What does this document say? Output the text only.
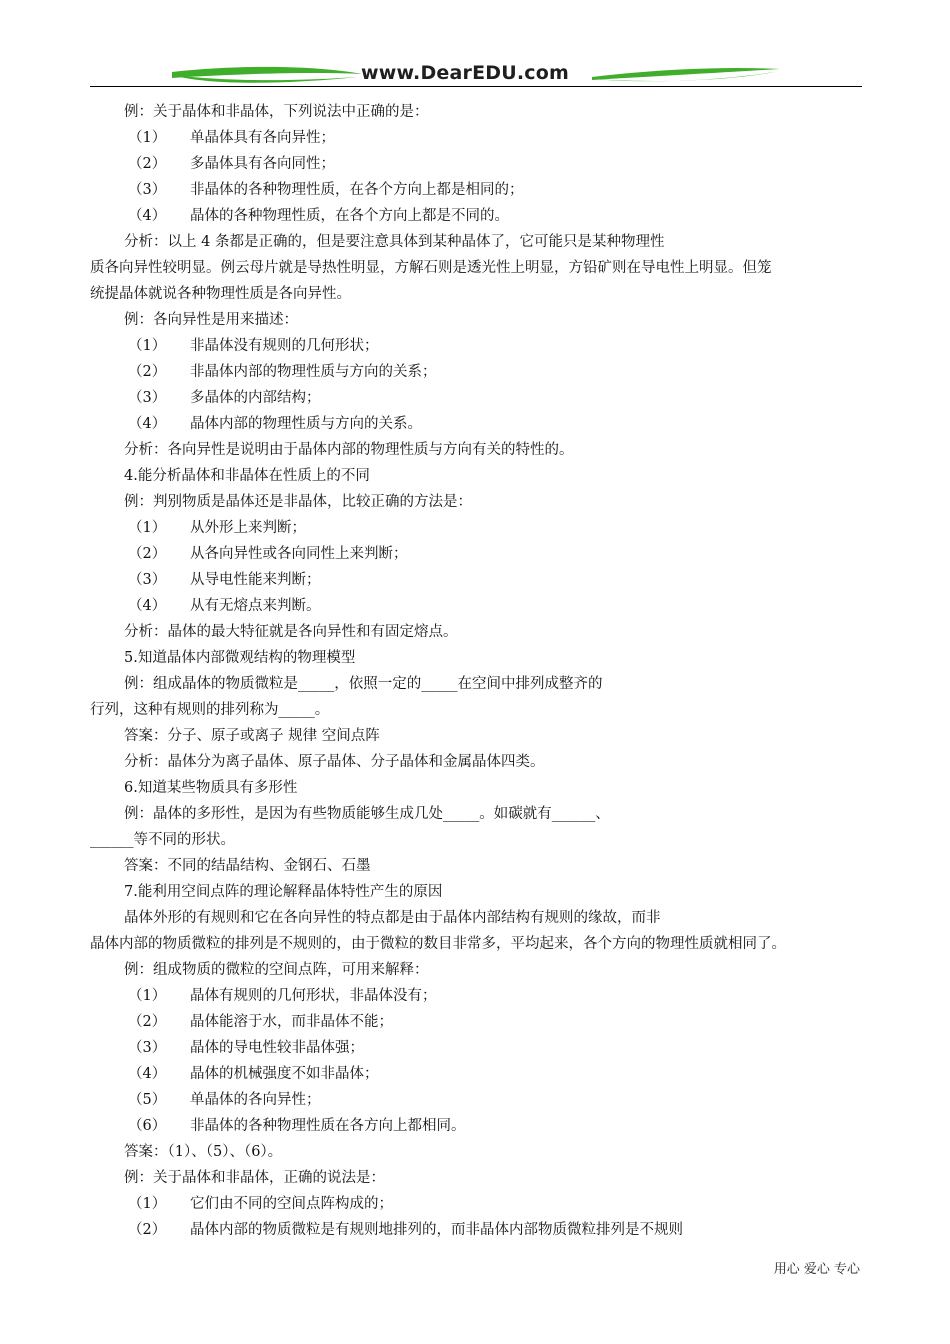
www.DearEDU.com
例：关于晶体和非晶体，下列说法中正确的是：
（1） 单晶体具有各向异性；
（2） 多晶体具有各向同性；
（3） 非晶体的各种物理性质，在各个方向上都是相同的；
（4） 晶体的各种物理性质，在各个方向上都是不同的。
分析：以上 4 条都是正确的，但是要注意具体到某种晶体了，它可能只是某种物理性
质各向异性较明显。例云母片就是导热性明显，方解石则是透光性上明显，方铅矿则在导电性上明显。但笼
统提晶体就说各种物理性质是各向异性。
例：各向异性是用来描述：
（1） 非晶体没有规则的几何形状；
（2） 非晶体内部的物理性质与方向的关系；
（3） 多晶体的内部结构；
（4） 晶体内部的物理性质与方向的关系。
分析：各向异性是说明由于晶体内部的物理性质与方向有关的特性的。
4.能分析晶体和非晶体在性质上的不同
例：判别物质是晶体还是非晶体，比较正确的方法是：
（1） 从外形上来判断；
（2） 从各向异性或各向同性上来判断；
（3） 从导电性能来判断；
（4） 从有无熔点来判断。
分析：晶体的最大特征就是各向异性和有固定熔点。
5.知道晶体内部微观结构的物理模型
例：组成晶体的物质微粒是_____，依照一定的_____在空间中排列成整齐的
行列，这种有规则的排列称为_____。
答案：分子、原子或离子 规律 空间点阵
分析：晶体分为离子晶体、原子晶体、分子晶体和金属晶体四类。
6.知道某些物质具有多形性
例：晶体的多形性，是因为有些物质能够生成几处_____。如碳就有______、
______等不同的形状。
答案：不同的结晶结构、金钢石、石墨
7.能利用空间点阵的理论解释晶体特性产生的原因
晶体外形的有规则和它在各向异性的特点都是由于晶体内部结构有规则的缘故，而非
晶体内部的物质微粒的排列是不规则的，由于微粒的数目非常多，平均起来，各个方向的物理性质就相同了。
例：组成物质的微粒的空间点阵，可用来解释：
（1） 晶体有规则的几何形状，非晶体没有；
（2） 晶体能溶于水，而非晶体不能；
（3） 晶体的导电性较非晶体强；
（4） 晶体的机械强度不如非晶体；
（5） 单晶体的各向异性；
（6） 非晶体的各种物理性质在各方向上都相同。
答案：（1）、（5）、（6）。
例：关于晶体和非晶体，正确的说法是：
（1） 它们由不同的空间点阵构成的；
（2） 晶体内部的物质微粒是有规则地排列的，而非晶体内部物质微粒排列是不规则
用心 爱心 专心
